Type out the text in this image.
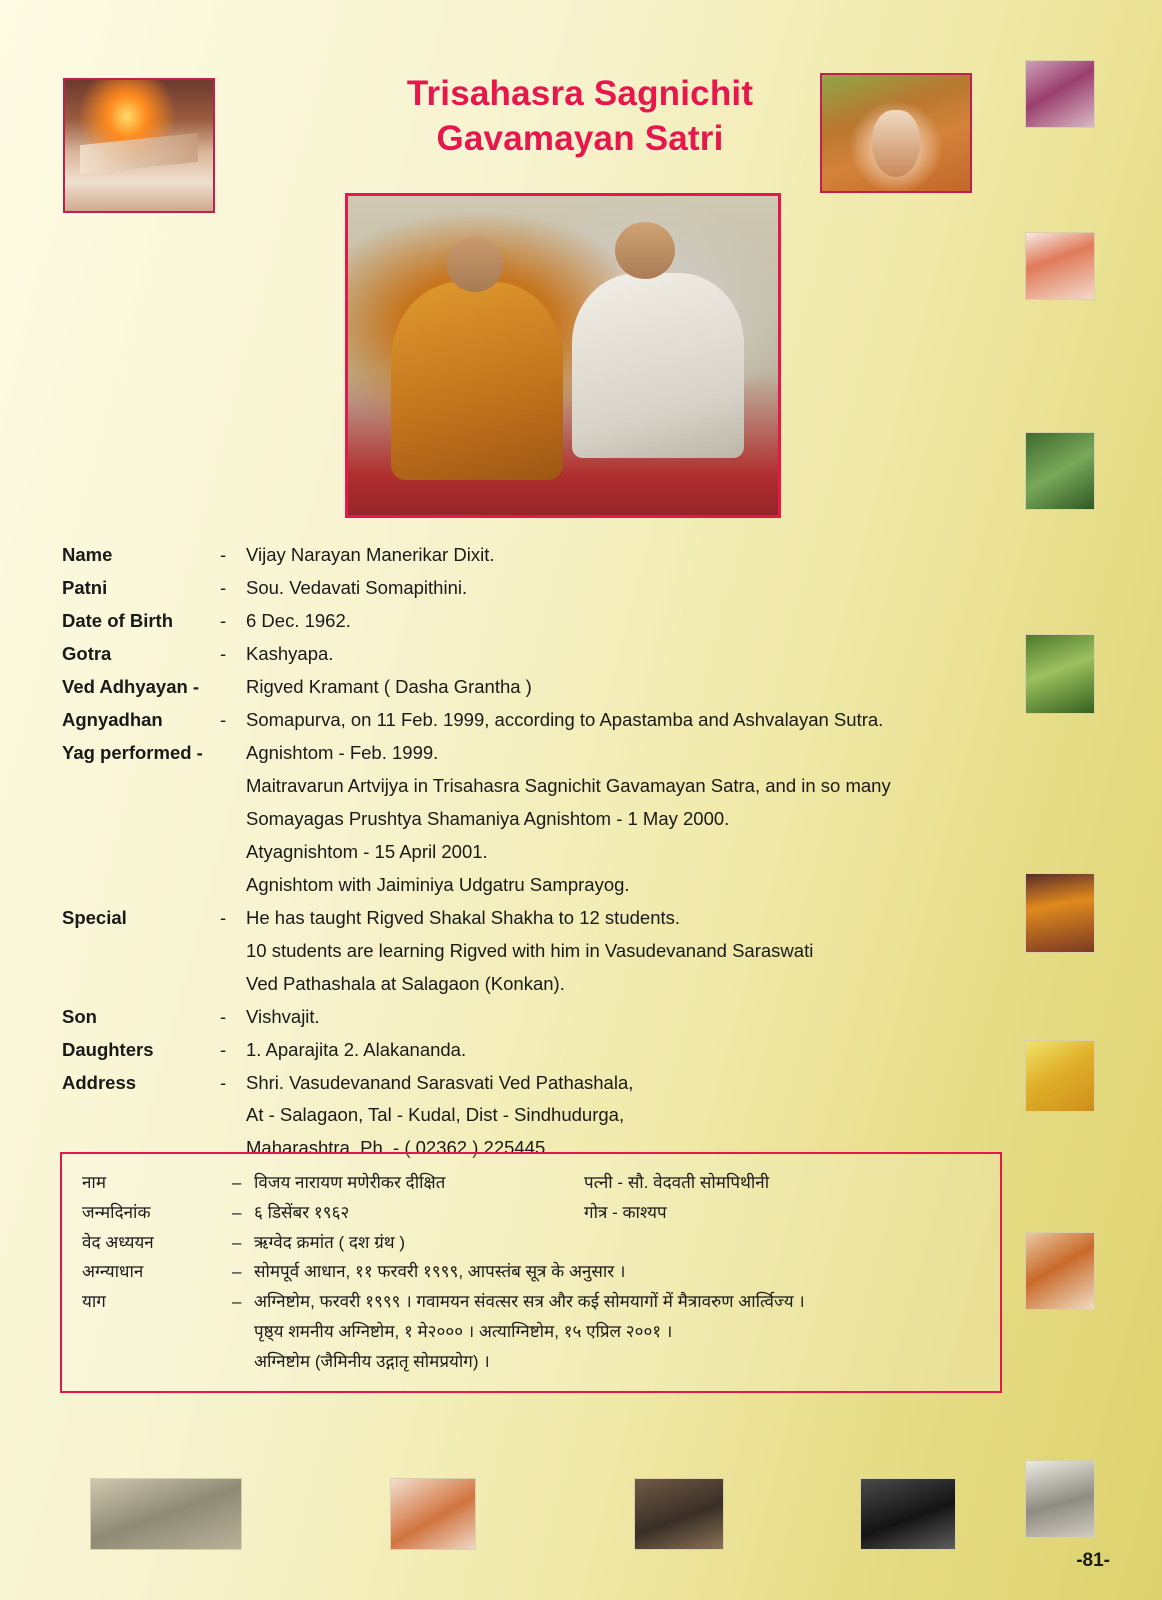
Trisahasra Sagnichit
Gavamayan Satri
Name	-	Vijay Narayan Manerikar Dixit.
Patni	-	Sou. Vedavati Somapithini.
Date of Birth	-	6 Dec. 1962.
Gotra	-	Kashyapa.
Ved Adhyayan -	Rigved Kramant ( Dasha Grantha )
Agnyadhan	-	Somapurva, on 11 Feb. 1999, according to Apastamba and Ashvalayan Sutra.
Yag performed -	Agnishtom - Feb. 1999.
Maitravarun Artvijya in Trisahasra Sagnichit Gavamayan Satra, and in so many
Somayagas Prushtya Shamaniya Agnishtom - 1 May 2000.
Atyagnishtom - 15 April 2001.
Agnishtom with Jaiminiya Udgatru Samprayog.
Special	-	He has taught Rigved Shakal Shakha to 12 students.
10 students are learning Rigved with him in Vasudevanand Saraswati
Ved Pathashala at Salagaon (Konkan).
Son	-	Vishvajit.
Daughters	-	1. Aparajita 2. Alakananda.
Address	-	Shri. Vasudevanand Sarasvati Ved Pathashala,
At - Salagaon, Tal - Kudal, Dist - Sindhudurga,
Maharashtra. Ph. - ( 02362 ) 225445
नाम	– विजय नारायण मणेरीकर दीक्षित	पत्नी - सौ. वेदवती सोमपिथीनी
जन्मदिनांक	– ६ डिसेंबर १९६२	गोत्र - काश्यप
वेद अध्ययन	– ऋग्वेद क्रमांत ( दश ग्रंथ )
अग्न्याधान	– सोमपूर्व आधान, ११ फरवरी १९९९, आपस्तंब सूत्र के अनुसार ।
याग	– अग्निष्टोम, फरवरी १९९९ । गवामयन संवत्सर सत्र और कई सोमयागों में मैत्रावरुण आर्त्विज्य ।
पृष्ठ्य शमनीय अग्निष्टोम, १ मे२००० । अत्याग्निष्टोम, १५ एप्रिल २००१ ।
अग्निष्टोम (जैमिनीय उद्गातृ सोमप्रयोग) ।
-81-
